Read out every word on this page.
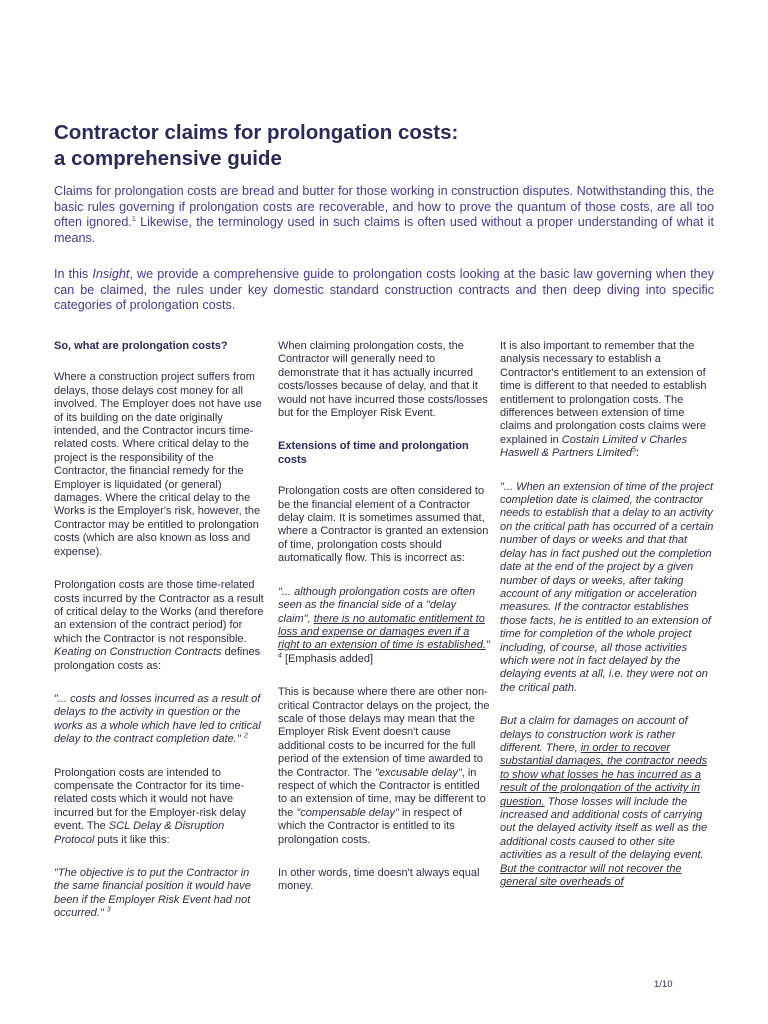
Contractor claims for prolongation costs:
a comprehensive guide

Claims for prolongation costs are bread and butter for those working in construction disputes. Notwithstanding this, the basic rules governing if prolongation costs are recoverable, and how to prove the quantum of those costs, are all too often ignored.$^1$ Likewise, the terminology used in such claims is often used without a proper understanding of what it means.

In this Insight, we provide a comprehensive guide to prolongation costs looking at the basic law governing when they can be claimed, the rules under key domestic standard construction contracts and then deep diving into specific categories of prolongation costs.

So, what are prolongation costs?

Where a construction project suffers from delays, those delays cost money for all involved. The Employer does not have use of its building on the date originally intended, and the Contractor incurs time-related costs. Where critical delay to the project is the responsibility of the Contractor, the financial remedy for the Employer is liquidated (or general) damages. Where the critical delay to the Works is the Employer's risk, however, the Contractor may be entitled to prolongation costs (which are also known as loss and expense).

Prolongation costs are those time-related costs incurred by the Contractor as a result of critical delay to the Works (and therefore an extension of the contract period) for which the Contractor is not responsible. Keating on Construction Contracts defines prolongation costs as:

"... costs and losses incurred as a result of delays to the activity in question or the works as a whole which have led to critical delay to the contract completion date." $^2$

Prolongation costs are intended to compensate the Contractor for its time-related costs which it would not have incurred but for the Employer-risk delay event. The SCL Delay & Disruption Protocol puts it like this:

"The objective is to put the Contractor in the same financial position it would have been if the Employer Risk Event had not occurred." $^3$

When claiming prolongation costs, the Contractor will generally need to demonstrate that it has actually incurred costs/losses because of delay, and that it would not have incurred those costs/losses but for the Employer Risk Event.

Extensions of time and prolongation costs

Prolongation costs are often considered to be the financial element of a Contractor delay claim. It is sometimes assumed that, where a Contractor is granted an extension of time, prolongation costs should automatically flow. This is incorrect as:

"... although prolongation costs are often seen as the financial side of a "delay claim", there is no automatic entitlement to loss and expense or damages even if a right to an extension of time is established." $^4$ [Emphasis added]

This is because where there are other non-critical Contractor delays on the project, the scale of those delays may mean that the Employer Risk Event doesn't cause additional costs to be incurred for the full period of the extension of time awarded to the Contractor. The "excusable delay", in respect of which the Contractor is entitled to an extension of time, may be different to the "compensable delay" in respect of which the Contractor is entitled to its prolongation costs.

In other words, time doesn't always equal money.

It is also important to remember that the analysis necessary to establish a Contractor's entitlement to an extension of time is different to that needed to establish entitlement to prolongation costs. The differences between extension of time claims and prolongation costs claims were explained in Costain Limited v Charles Haswell & Partners Limited$^5$:

"... When an extension of time of the project completion date is claimed, the contractor needs to establish that a delay to an activity on the critical path has occurred of a certain number of days or weeks and that that delay has in fact pushed out the completion date at the end of the project by a given number of days or weeks, after taking account of any mitigation or acceleration measures. If the contractor establishes those facts, he is entitled to an extension of time for completion of the whole project including, of course, all those activities which were not in fact delayed by the delaying events at all, i.e. they were not on the critical path.

But a claim for damages on account of delays to construction work is rather different. There, in order to recover substantial damages, the contractor needs to show what losses he has incurred as a result of the prolongation of the activity in question. Those losses will include the increased and additional costs of carrying out the delayed activity itself as well as the additional costs caused to other site activities as a result of the delaying event. But the contractor will not recover the general site overheads of

1/10
